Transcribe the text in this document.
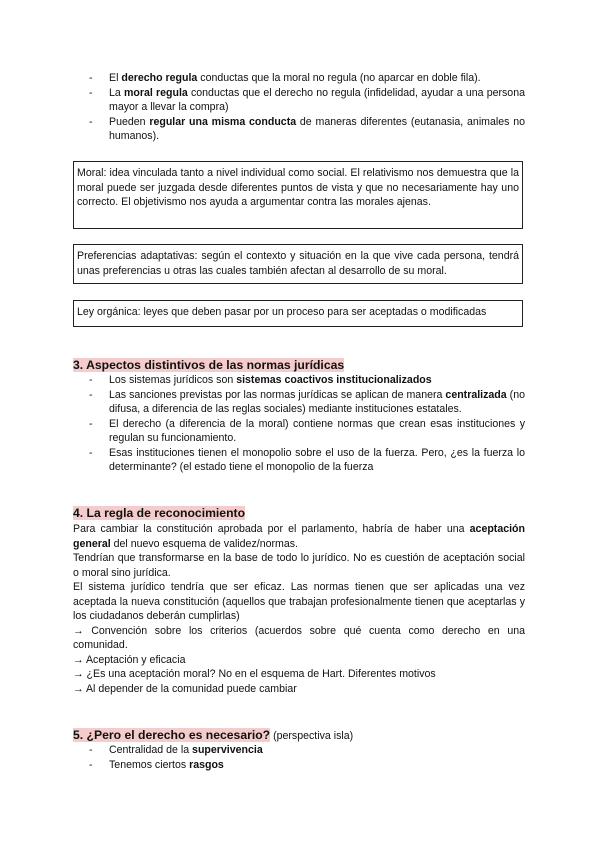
- El derecho regula conductas que la moral no regula (no aparcar en doble fila).
- La moral regula conductas que el derecho no regula (infidelidad, ayudar a una persona mayor a llevar la compra)
- Pueden regular una misma conducta de maneras diferentes (eutanasia, animales no humanos).
Moral: idea vinculada tanto a nivel individual como social. El relativismo nos demuestra que la moral puede ser juzgada desde diferentes puntos de vista y que no necesariamente hay uno correcto. El objetivismo nos ayuda a argumentar contra las morales ajenas.
Preferencias adaptativas: según el contexto y situación en la que vive cada persona, tendrá unas preferencias u otras las cuales también afectan al desarrollo de su moral.
Ley orgánica: leyes que deben pasar por un proceso para ser aceptadas o modificadas
3. Aspectos distintivos de las normas jurídicas
- Los sistemas jurídicos son sistemas coactivos institucionalizados
- Las sanciones previstas por las normas jurídicas se aplican de manera centralizada (no difusa, a diferencia de las reglas sociales) mediante instituciones estatales.
- El derecho (a diferencia de la moral) contiene normas que crean esas instituciones y regulan su funcionamiento.
- Esas instituciones tienen el monopolio sobre el uso de la fuerza. Pero, ¿es la fuerza lo determinante? (el estado tiene el monopolio de la fuerza
4. La regla de reconocimiento
Para cambiar la constitución aprobada por el parlamento, habría de haber una aceptación general del nuevo esquema de validez/normas.
Tendrían que transformarse en la base de todo lo jurídico. No es cuestión de aceptación social o moral sino jurídica.
El sistema jurídico tendría que ser eficaz. Las normas tienen que ser aplicadas una vez aceptada la nueva constitución (aquellos que trabajan profesionalmente tienen que aceptarlas y los ciudadanos deberán cumplirlas)
→ Convención sobre los criterios (acuerdos sobre qué cuenta como derecho en una comunidad.
→ Aceptación y eficacia
→ ¿Es una aceptación moral? No en el esquema de Hart. Diferentes motivos
→ Al depender de la comunidad puede cambiar
5. ¿Pero el derecho es necesario? (perspectiva isla)
- Centralidad de la supervivencia
- Tenemos ciertos rasgos
